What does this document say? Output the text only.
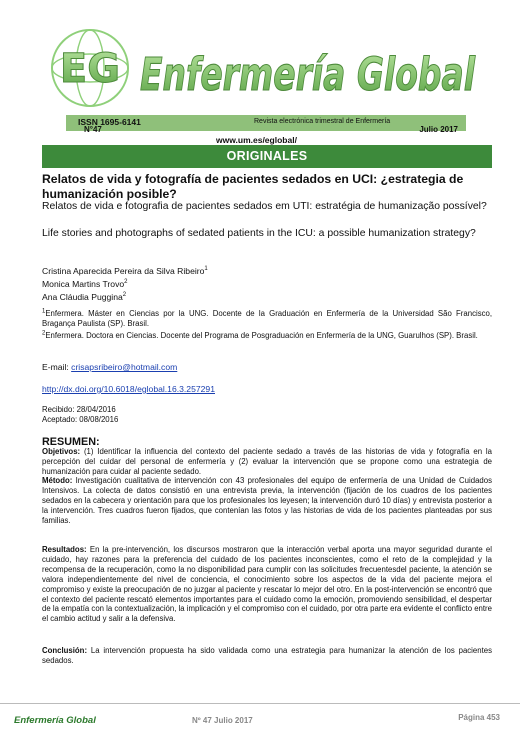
EG Enfermería Global
ISSN 1695-6141	Revista electrónica trimestral de Enfermería
N°47	Julio 2017
www.um.es/eglobal/
ORIGINALES
Relatos de vida y fotografía de pacientes sedados en UCI: ¿estrategia de humanización posible?
Relatos de vida e fotografia de pacientes sedados em UTI: estratégia de humanização possível?
Life stories and photographs of sedated patients in the ICU: a possible humanization strategy?
Cristina Aparecida Pereira da Silva Ribeiro$^1$
Monica Martins Trovo$^2$
Ana Cláudia Puggina$^2$
$^1$Enfermera. Máster en Ciencias por la UNG. Docente de la Graduación en Enfermería de la Universidad São Francisco, Bragança Paulista (SP). Brasil.
$^2$Enfermera. Doctora en Ciencias. Docente del Programa de Posgraduación en Enfermería de la UNG, Guarulhos (SP). Brasil.
E-mail: crisapsribeiro@hotmail.com
http://dx.doi.org/10.6018/eglobal.16.3.257291
Recibido: 28/04/2016
Aceptado: 08/08/2016
RESUMEN:
Objetivos: (1) Identificar la influencia del contexto del paciente sedado a través de las historias de vida y fotografía en la percepción del cuidar del personal de enfermería y (2) evaluar la intervención que se propone como una estrategia de humanización para cuidar al paciente sedado.
Método: Investigación cualitativa de intervención con 43 profesionales del equipo de enfermería de una Unidad de Cuidados Intensivos. La colecta de datos consistió en una entrevista previa, la intervención (fijación de los cuadros de los pacientes sedados en la cabecera y orientación para que los profesionales los leyesen; la intervención duró 10 días) y entrevista posterior a la intervención. Tres cuadros fueron fijados, que contenían las fotos y las historias de vida de los pacientes planteadas por sus familias.
Resultados: En la pre-intervención, los discursos mostraron que la interacción verbal aporta una mayor seguridad durante el cuidado, hay razones para la preferencia del cuidado de los pacientes inconscientes, como el reto de la complejidad y la recompensa de la recuperación, como la no disponibilidad para cumplir con las solicitudes frecuentesdel paciente, la atención se valora independientemente del nivel de conciencia, el conocimiento sobre los aspectos de la vida del paciente mejora el compromiso y existe la preocupación de no juzgar al paciente y rescatar lo mejor del otro. En la post-intervención se encontró que el contexto del paciente rescató elementos importantes para el cuidado como la emoción, promoviendo sensibilidad, el despertar de la empatía con la contextualización, la implicación y el compromiso con el cuidado, por otra parte era evidente el conflicto entre el cambio actitud y salir a la defensiva.
Conclusión: La intervención propuesta ha sido validada como una estrategia para humanizar la atención de los pacientes sedados.
Enfermería Global	Nº 47 Julio 2017	Página 453
